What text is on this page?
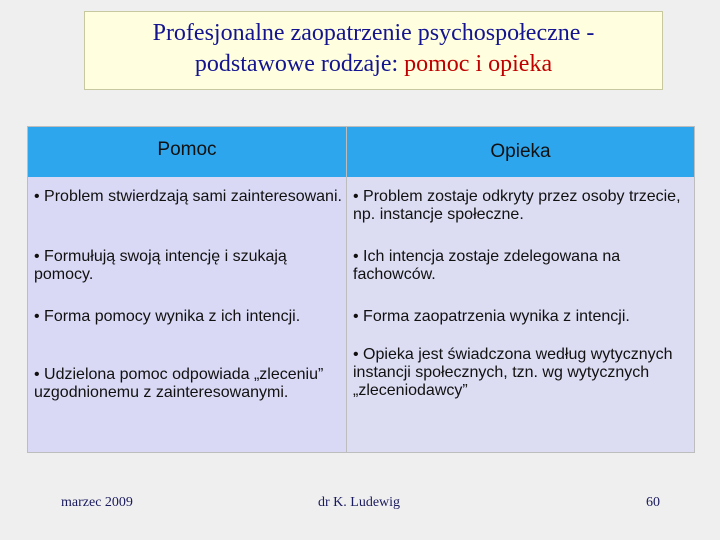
Profesjonalne zaopatrzenie psychospołeczne -
podstawowe rodzaje: pomoc i opieka
Pomoc
• Problem stwierdzają sami zainteresowani.
• Formułują swoją intencję i szukają pomocy.
• Forma pomocy wynika z ich intencji.
• Udzielona pomoc odpowiada „zleceniu” uzgodnionemu z zainteresowanymi.
Opieka
• Problem zostaje odkryty przez osoby trzecie, np. instancje społeczne.
• Ich intencja zostaje zdelegowana na fachowców.
• Forma zaopatrzenia wynika z intencji.
• Opieka jest świadczona według wytycznych instancji społecznych, tzn. wg wytycznych „zleceniodawcy”
marzec 2009	dr K. Ludewig	60
